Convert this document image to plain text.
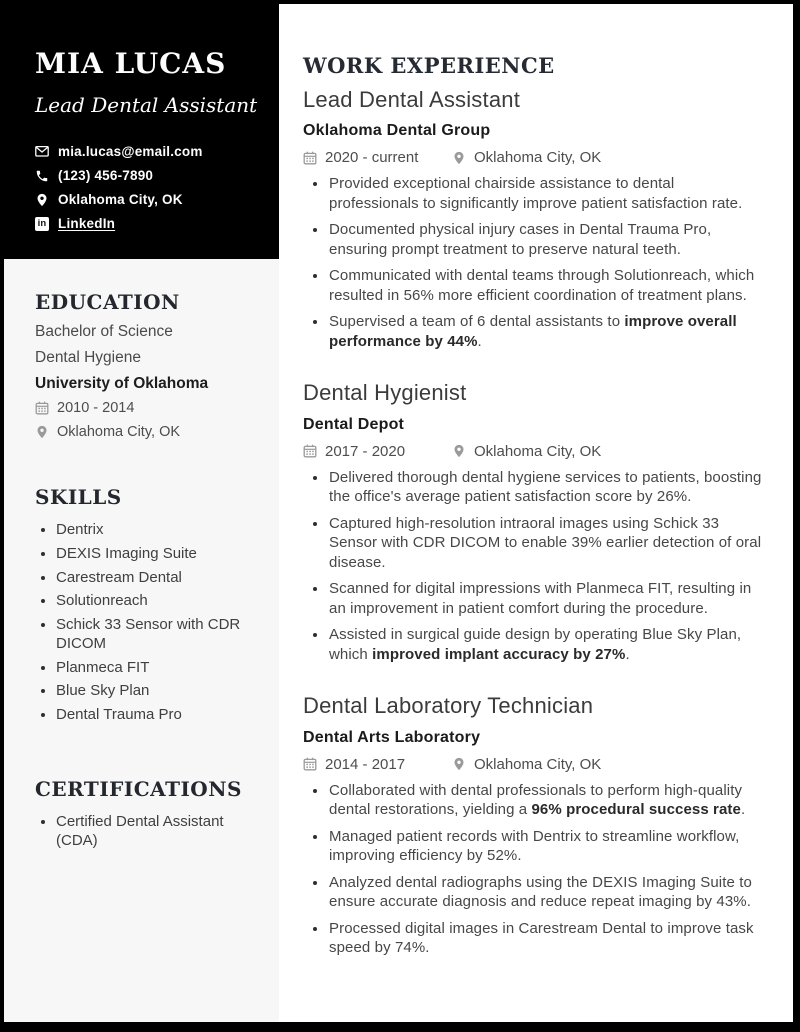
MIA LUCAS
Lead Dental Assistant
mia.lucas@email.com
(123) 456-7890
Oklahoma City, OK
in LinkedIn
EDUCATION
Bachelor of Science
Dental Hygiene
University of Oklahoma
2010 - 2014
Oklahoma City, OK
SKILLS
Dentrix
DEXIS Imaging Suite
Carestream Dental
Solutionreach
Schick 33 Sensor with CDR DICOM
Planmeca FIT
Blue Sky Plan
Dental Trauma Pro
CERTIFICATIONS
Certified Dental Assistant (CDA)
WORK EXPERIENCE
Lead Dental Assistant
Oklahoma Dental Group
2020 - current	Oklahoma City, OK
Provided exceptional chairside assistance to dental professionals to significantly improve patient satisfaction rate.
Documented physical injury cases in Dental Trauma Pro, ensuring prompt treatment to preserve natural teeth.
Communicated with dental teams through Solutionreach, which resulted in 56% more efficient coordination of treatment plans.
Supervised a team of 6 dental assistants to improve overall performance by 44%.
Dental Hygienist
Dental Depot
2017 - 2020	Oklahoma City, OK
Delivered thorough dental hygiene services to patients, boosting the office's average patient satisfaction score by 26%.
Captured high-resolution intraoral images using Schick 33 Sensor with CDR DICOM to enable 39% earlier detection of oral disease.
Scanned for digital impressions with Planmeca FIT, resulting in an improvement in patient comfort during the procedure.
Assisted in surgical guide design by operating Blue Sky Plan, which improved implant accuracy by 27%.
Dental Laboratory Technician
Dental Arts Laboratory
2014 - 2017	Oklahoma City, OK
Collaborated with dental professionals to perform high-quality dental restorations, yielding a 96% procedural success rate.
Managed patient records with Dentrix to streamline workflow, improving efficiency by 52%.
Analyzed dental radiographs using the DEXIS Imaging Suite to ensure accurate diagnosis and reduce repeat imaging by 43%.
Processed digital images in Carestream Dental to improve task speed by 74%.
